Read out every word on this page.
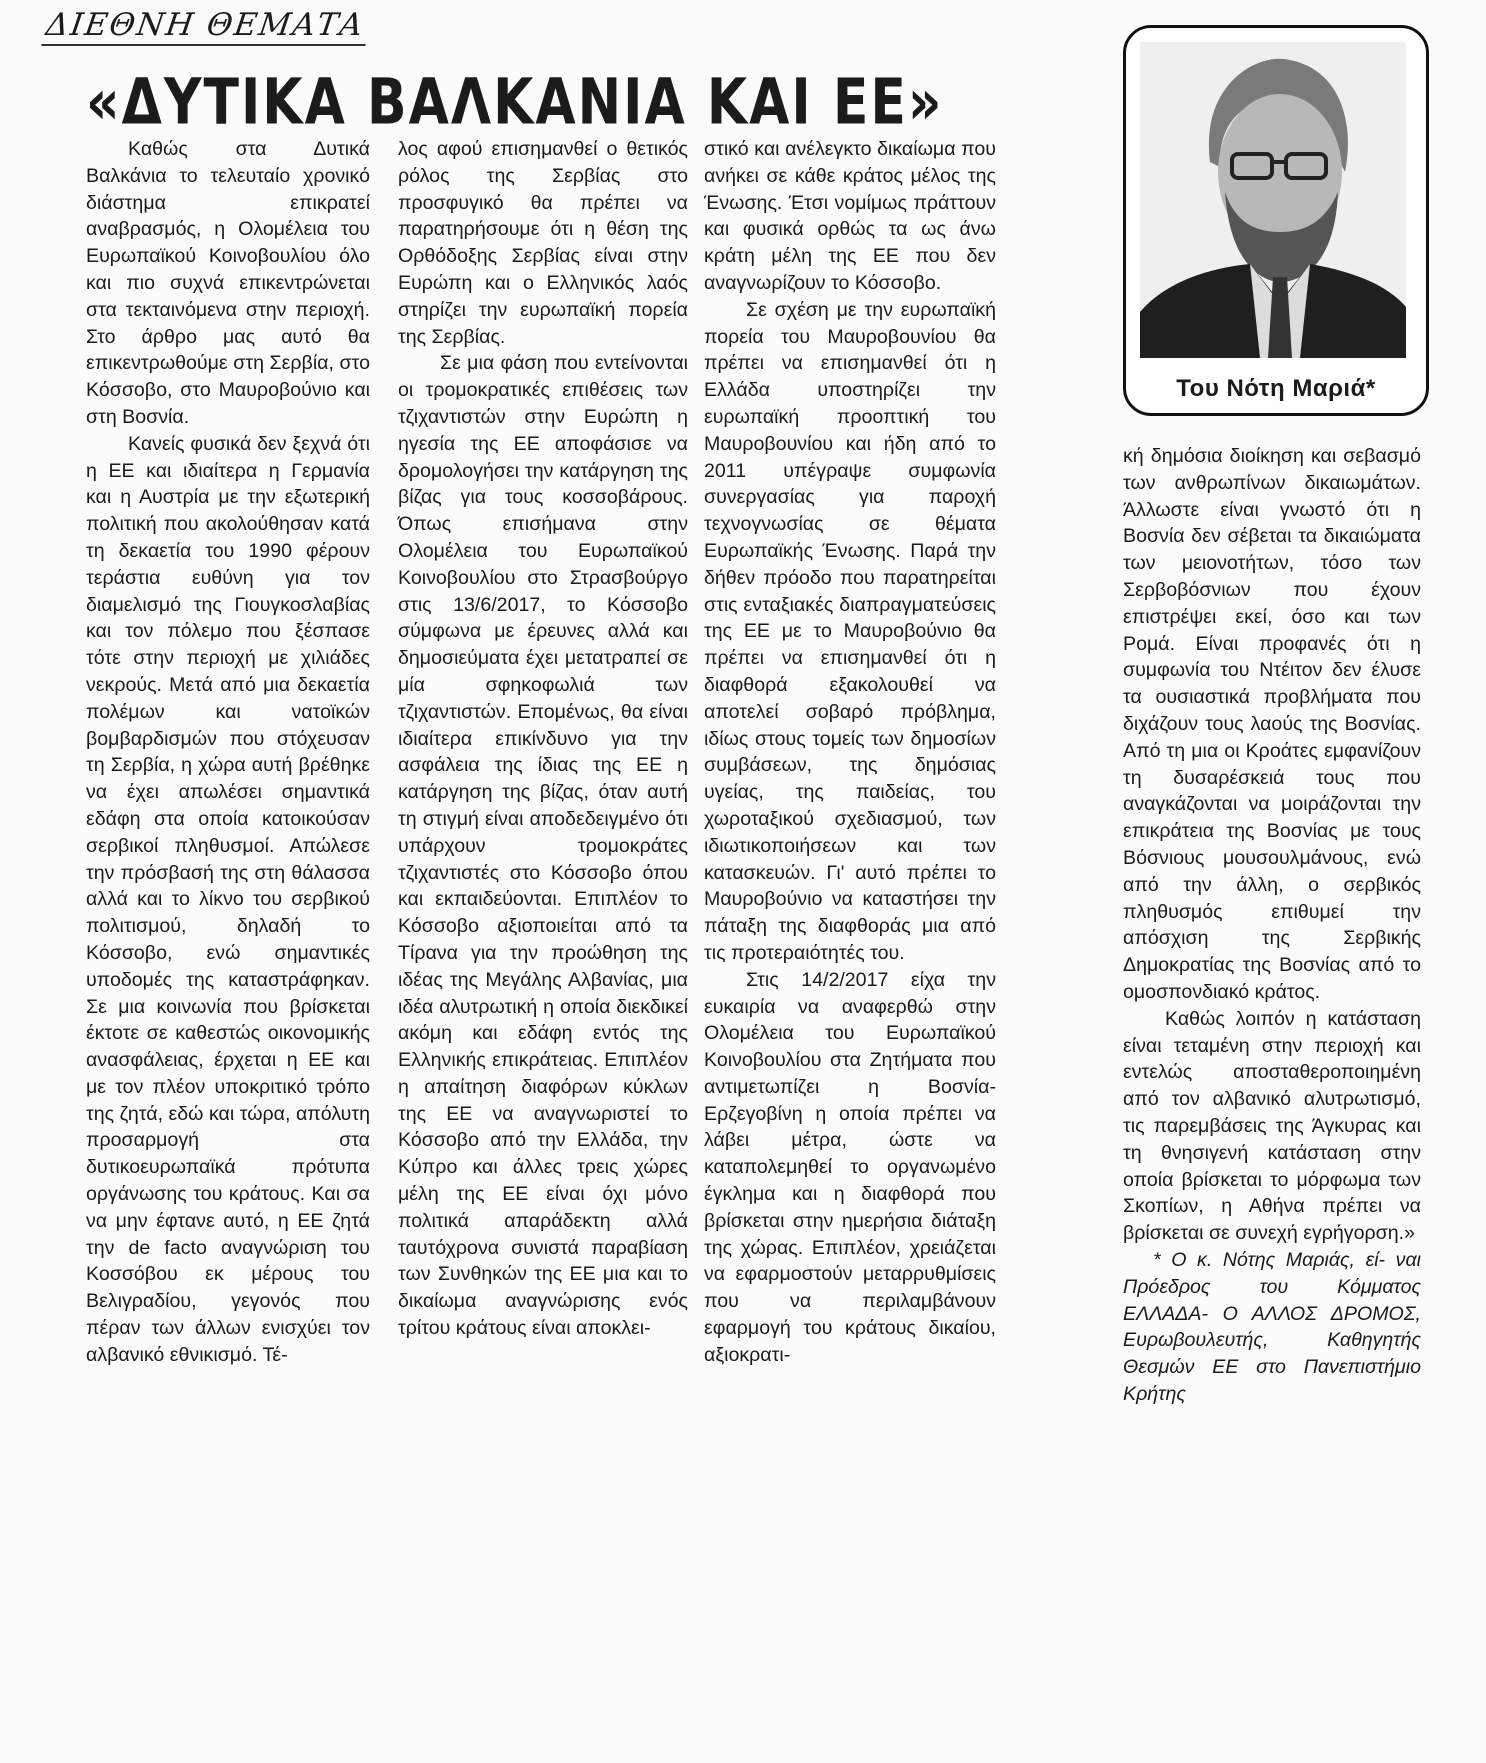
ΔΙΕΘΝΗ ΘΕΜΑΤΑ
«ΔΥΤΙΚΑ ΒΑΛΚΑΝΙΑ ΚΑΙ ΕΕ»
Του Νότη Μαριά*

Καθώς στα Δυτικά Βαλκάνια το τελευταίο χρονικό διάστημα επικρατεί αναβρασμός, η Ολομέλεια του Ευρωπαϊκού Κοινοβουλίου όλο και πιο συχνά επικεντρώνεται στα τεκταινόμενα στην περιοχή. Στο άρθρο μας αυτό θα επικεντρωθούμε στη Σερβία, στο Κόσσοβο, στο Μαυροβούνιο και στη Βοσνία.

Κανείς φυσικά δεν ξεχνά ότι η ΕΕ και ιδιαίτερα η Γερμανία και η Αυστρία με την εξωτερική πολιτική που ακολούθησαν κατά τη δεκαετία του 1990 φέρουν τεράστια ευθύνη για τον διαμελισμό της Γιουγκοσλαβίας και τον πόλεμο που ξέσπασε τότε στην περιοχή με χιλιάδες νεκρούς. Μετά από μια δεκαετία πολέμων και νατοϊκών βομβαρδισμών που στόχευσαν τη Σερβία, η χώρα αυτή βρέθηκε να έχει απωλέσει σημαντικά εδάφη στα οποία κατοικούσαν σερβικοί πληθυσμοί. Απώλεσε την πρόσβασή της στη θάλασσα αλλά και το λίκνο του σερβικού πολιτισμού, δηλαδή το Κόσσοβο, ενώ σημαντικές υποδομές της καταστράφηκαν. Σε μια κοινωνία που βρίσκεται έκτοτε σε καθεστώς οικονομικής ανασφάλειας, έρχεται η ΕΕ και με τον πλέον υποκριτικό τρόπο της ζητά, εδώ και τώρα, απόλυτη προσαρμογή στα δυτικοευρωπαϊκά πρότυπα οργάνωσης του κράτους. Και σα να μην έφτανε αυτό, η ΕΕ ζητά την de facto αναγνώριση του Κοσσόβου εκ μέρους του Βελιγραδίου, γεγονός που πέραν των άλλων ενισχύει τον αλβανικό εθνικισμό. Τέ-

λος αφού επισημανθεί ο θετικός ρόλος της Σερβίας στο προσφυγικό θα πρέπει να παρατηρήσουμε ότι η θέση της Ορθόδοξης Σερβίας είναι στην Ευρώπη και ο Ελληνικός λαός στηρίζει την ευρωπαϊκή πορεία της Σερβίας.

Σε μια φάση που εντείνονται οι τρομοκρατικές επιθέσεις των τζιχαντιστών στην Ευρώπη η ηγεσία της ΕΕ αποφάσισε να δρομολογήσει την κατάργηση της βίζας για τους κοσσοβάρους. Όπως επισήμανα στην Ολομέλεια του Ευρωπαϊκού Κοινοβουλίου στο Στρασβούργο στις 13/6/2017, το Κόσσοβο σύμφωνα με έρευνες αλλά και δημοσιεύματα έχει μετατραπεί σε μία σφηκοφωλιά των τζιχαντιστών. Επομένως, θα είναι ιδιαίτερα επικίνδυνο για την ασφάλεια της ίδιας της ΕΕ η κατάργηση της βίζας, όταν αυτή τη στιγμή είναι αποδεδειγμένο ότι υπάρχουν τρομοκράτες τζιχαντιστές στο Κόσσοβο όπου και εκπαιδεύονται. Επιπλέον το Κόσσοβο αξιοποιείται από τα Τίρανα για την προώθηση της ιδέας της Μεγάλης Αλβανίας, μια ιδέα αλυτρωτική η οποία διεκδικεί ακόμη και εδάφη εντός της Ελληνικής επικράτειας. Επιπλέον η απαίτηση διαφόρων κύκλων της ΕΕ να αναγνωριστεί το Κόσσοβο από την Ελλάδα, την Κύπρο και άλλες τρεις χώρες μέλη της ΕΕ είναι όχι μόνο πολιτικά απαράδεκτη αλλά ταυτόχρονα συνιστά παραβίαση των Συνθηκών της ΕΕ μια και το δικαίωμα αναγνώρισης ενός τρίτου κράτους είναι αποκλει-

στικό και ανέλεγκτο δικαίωμα που ανήκει σε κάθε κράτος μέλος της Ένωσης. Έτσι νομίμως πράττουν και φυσικά ορθώς τα ως άνω κράτη μέλη της ΕΕ που δεν αναγνωρίζουν το Κόσσοβο.

Σε σχέση με την ευρωπαϊκή πορεία του Μαυροβουνίου θα πρέπει να επισημανθεί ότι η Ελλάδα υποστηρίζει την ευρωπαϊκή προοπτική του Μαυροβουνίου και ήδη από το 2011 υπέγραψε συμφωνία συνεργασίας για παροχή τεχνογνωσίας σε θέματα Ευρωπαϊκής Ένωσης. Παρά την δήθεν πρόοδο που παρατηρείται στις ενταξιακές διαπραγματεύσεις της ΕΕ με το Μαυροβούνιο θα πρέπει να επισημανθεί ότι η διαφθορά εξακολουθεί να αποτελεί σοβαρό πρόβλημα, ιδίως στους τομείς των δημοσίων συμβάσεων, της δημόσιας υγείας, της παιδείας, του χωροταξικού σχεδιασμού, των ιδιωτικοποιήσεων και των κατασκευών. Γι' αυτό πρέπει το Μαυροβούνιο να καταστήσει την πάταξη της διαφθοράς μια από τις προτεραιότητές του.

Στις 14/2/2017 είχα την ευκαιρία να αναφερθώ στην Ολομέλεια του Ευρωπαϊκού Κοινοβουλίου στα Ζητήματα που αντιμετωπίζει η Βοσνία-Ερζεγοβίνη η οποία πρέπει να λάβει μέτρα, ώστε να καταπολεμηθεί το οργανωμένο έγκλημα και η διαφθορά που βρίσκεται στην ημερήσια διάταξη της χώρας. Επιπλέον, χρειάζεται να εφαρμοστούν μεταρρυθμίσεις που να περιλαμβάνουν εφαρμογή του κράτους δικαίου, αξιοκρατι-

κή δημόσια διοίκηση και σεβασμό των ανθρωπίνων δικαιωμάτων. Άλλωστε είναι γνωστό ότι η Βοσνία δεν σέβεται τα δικαιώματα των μειονοτήτων, τόσο των Σερβοβόσνιων που έχουν επιστρέψει εκεί, όσο και των Ρομά. Είναι προφανές ότι η συμφωνία του Ντέιτον δεν έλυσε τα ουσιαστικά προβλήματα που διχάζουν τους λαούς της Βοσνίας. Από τη μια οι Κροάτες εμφανίζουν τη δυσαρέσκειά τους που αναγκάζονται να μοιράζονται την επικράτεια της Βοσνίας με τους Βόσνιους μουσουλμάνους, ενώ από την άλλη, ο σερβικός πληθυσμός επιθυμεί την απόσχιση της Σερβικής Δημοκρατίας της Βοσνίας από το ομοσπονδιακό κράτος.

Καθώς λοιπόν η κατάσταση είναι τεταμένη στην περιοχή και εντελώς αποσταθεροποιημένη από τον αλβανικό αλυτρωτισμό, τις παρεμβάσεις της Άγκυρας και τη θνησιγενή κατάσταση στην οποία βρίσκεται το μόρφωμα των Σκοπίων, η Αθήνα πρέπει να βρίσκεται σε συνεχή εγρήγορση.»

* Ο κ. Νότης Μαριάς, εί- ναι Πρόεδρος του Κόμματος ΕΛΛΑΔΑ- Ο ΑΛΛΟΣ ΔΡΟΜΟΣ, Ευρωβουλευτής, Καθηγητής Θεσμών ΕΕ στο Πανεπιστήμιο Κρήτης
